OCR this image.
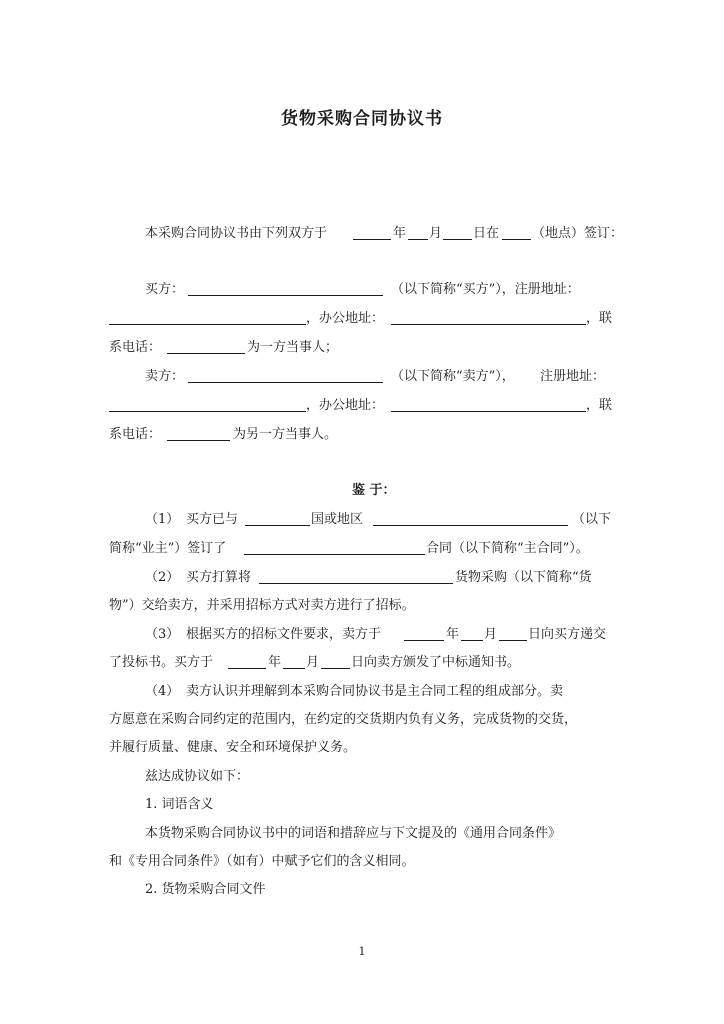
货物采购合同协议书
本采购合同协议书由下列双方于	年 月 日在	（地点）签订：
买方：	（以下简称“买方”），注册地址：
，办公地址：	，联
系电话：	为一方当事人；
卖方：	（以下简称“卖方”）， 注册地址：
，办公地址：	，联
系电话：	为另一方当事人。
鉴 于：
（1） 买方已与	国或地区	（以下
简称“业主”）签订了	合同（以下简称“主合同”）。
（2） 买方打算将	货物采购（以下简称“货
物”）交给卖方，并采用招标方式对卖方进行了招标。
（3） 根据买方的招标文件要求，卖方于	年 月 日向买方递交
了投标书。买方于	年 月 日向卖方颁发了中标通知书。
（4） 卖方认识并理解到本采购合同协议书是主合同工程的组成部分。卖
方愿意在采购合同约定的范围内，在约定的交货期内负有义务，完成货物的交货，
并履行质量、健康、安全和环境保护义务。
兹达成协议如下：
1. 词语含义
本货物采购合同协议书中的词语和措辞应与下文提及的《通用合同条件》
和《专用合同条件》（如有）中赋予它们的含义相同。
2. 货物采购合同文件
1
